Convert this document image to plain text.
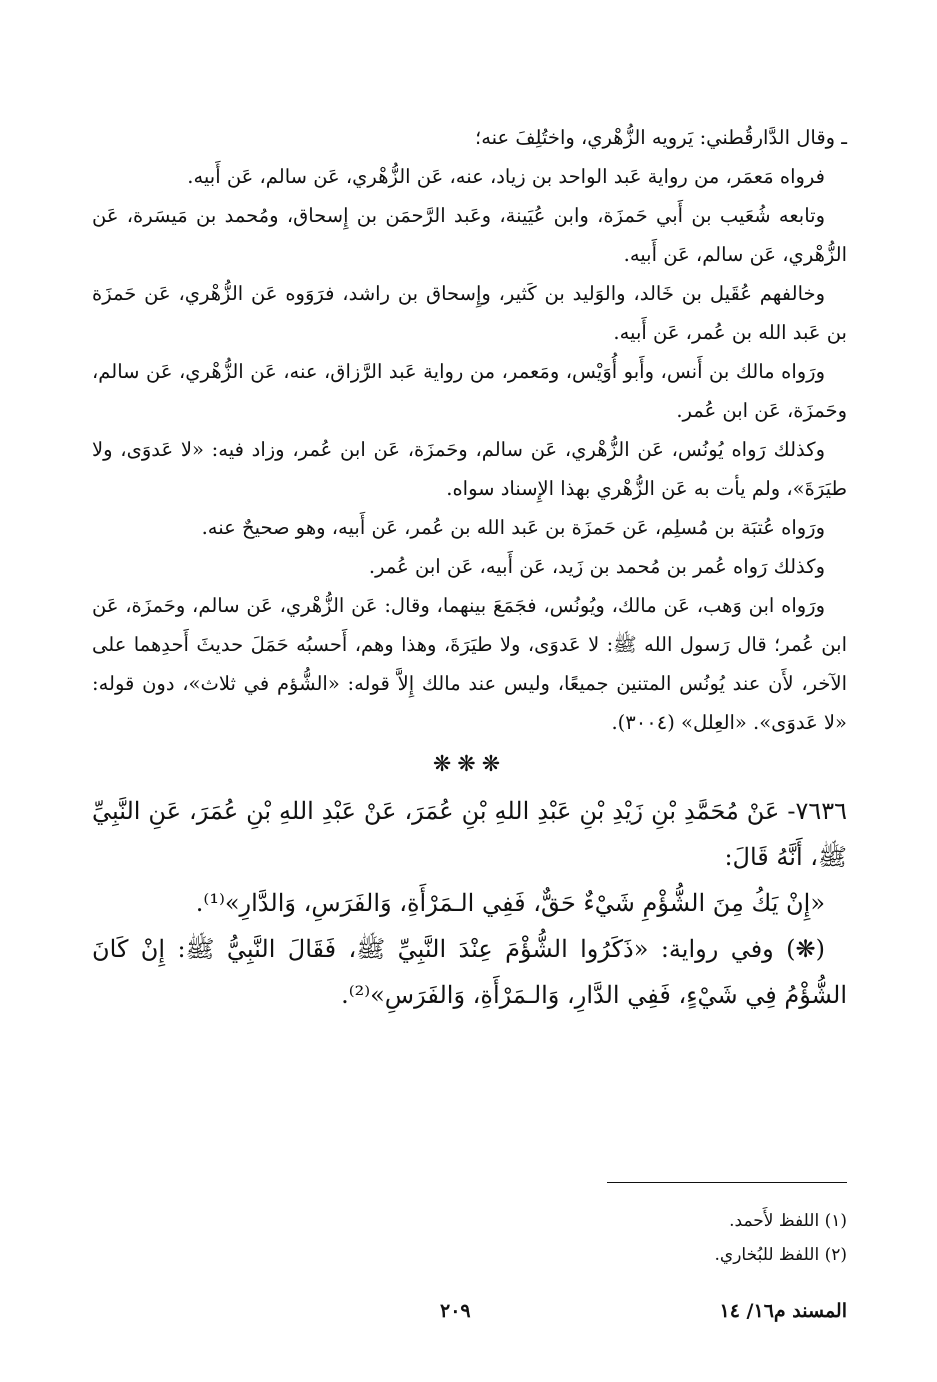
ـ وقال الدَّارقُطني: يَرويه الزُّهْري، واختُلِفَ عنه؛

فرواه مَعمَر، من رواية عَبد الواحد بن زياد، عنه، عَن الزُّهْري، عَن سالم، عَن أَبيه.

وتابعه شُعَيب بن أَبي حَمزَة، وابن عُيَينة، وعَبد الرَّحمَن بن إِسحاق، ومُحمد بن مَيسَرة، عَن الزُّهْري، عَن سالم، عَن أَبيه.

وخالفهم عُقَيل بن خَالد، والوَليد بن كَثير، وإِسحاق بن راشد، فرَوَوه عَن الزُّهْري، عَن حَمزَة بن عَبد الله بن عُمر، عَن أَبيه.

ورَواه مالك بن أَنس، وأَبو أُوَيْس، ومَعمر، من رواية عَبد الرَّزاق، عنه، عَن الزُّهْري، عَن سالم، وحَمزَة، عَن ابن عُمر.

وكذلك رَواه يُونُس، عَن الزُّهْري، عَن سالم، وحَمزَة، عَن ابن عُمر، وزاد فيه: «لا عَدوَى، ولا طيَرَةَ»، ولم يأت به عَن الزُّهْري بهذا الإِسناد سواه.

ورَواه عُتبَة بن مُسلِم، عَن حَمزَة بن عَبد الله بن عُمر، عَن أَبيه، وهو صحيحٌ عنه.

وكذلك رَواه عُمر بن مُحمد بن زَيد، عَن أَبيه، عَن ابن عُمر.

ورَواه ابن وَهب، عَن مالك، ويُونُس، فجَمَعَ بينهما، وقال: عَن الزُّهْري، عَن سالم، وحَمزَة، عَن ابن عُمر؛ قال رَسول الله ﷺ: لا عَدوَى، ولا طيَرَةَ، وهذا وهم، أَحسبُه حَمَلَ حديثَ أَحدِهما على الآخر، لأَن عند يُونُس المتنين جميعًا، وليس عند مالك إِلاَّ قوله: «الشُّؤم في ثلاث»، دون قوله: «لا عَدوَى». «العِلل» (٣٠٠٤).

❋❋❋

٧٦٣٦- عَنْ مُحَمَّدِ بْنِ زَيْدِ بْنِ عَبْدِ اللهِ بْنِ عُمَرَ، عَنْ عَبْدِ اللهِ بْنِ عُمَرَ، عَنِ النَّبِيِّ ﷺ، أَنَّهُ قَالَ:

«إِنْ يَكُ مِنَ الشُّؤْمِ شَيْءٌ حَقٌّ، فَفِي الـمَرْأَةِ، وَالفَرَسِ، وَالدَّارِ»⁽¹⁾.

(❋) وفي رواية: «ذَكَرُوا الشُّؤْمَ عِنْدَ النَّبِيِّ ﷺ، فَقَالَ النَّبِيُّ ﷺ: إِنْ كَانَ الشُّؤْمُ فِي شَيْءٍ، فَفِي الدَّارِ، وَالـمَرْأَةِ، وَالفَرَسِ»⁽²⁾.

(١) اللفظ لأَحمد.

(٢) اللفظ للبُخاري.

المسند م١٦/ ١٤
٢٠٩
